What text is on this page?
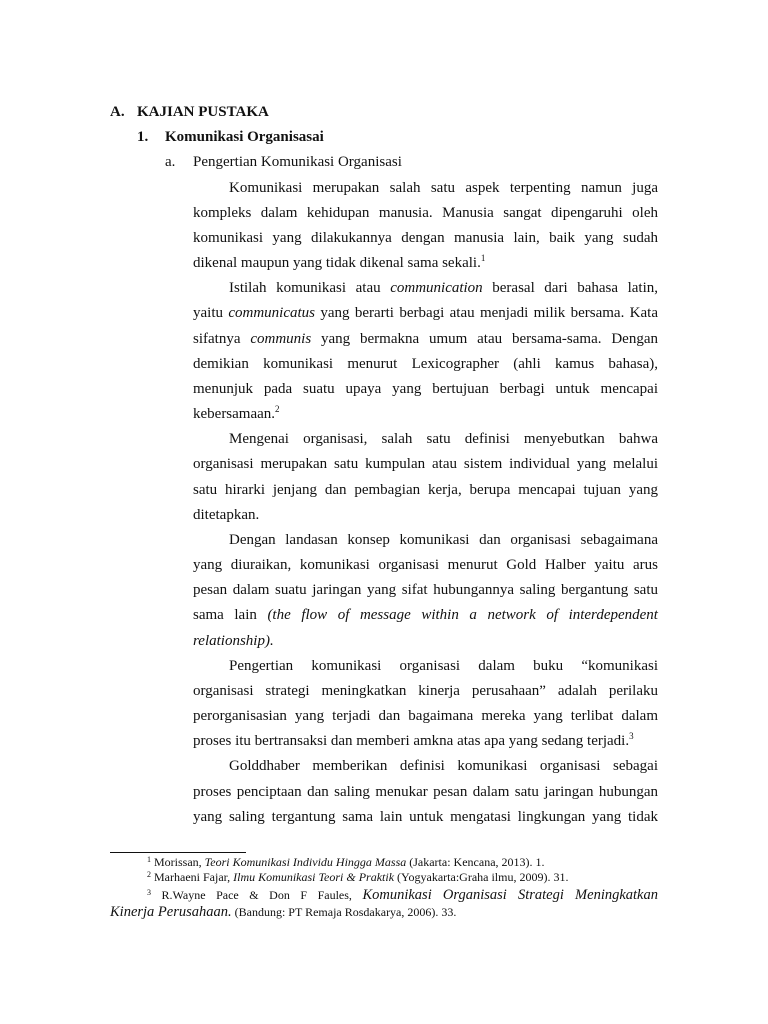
A. KAJIAN PUSTAKA
1.	Komunikasi Organisasai
a.	Pengertian Komunikasi Organisasi
Komunikasi merupakan salah satu aspek terpenting namun juga
kompleks dalam kehidupan manusia. Manusia sangat dipengaruhi oleh
komunikasi yang dilakukannya dengan manusia lain, baik yang sudah
dikenal maupun yang tidak dikenal sama sekali.$^1$
Istilah komunikasi atau communication berasal dari bahasa latin,
yaitu communicatus yang berarti berbagi atau menjadi milik bersama. Kata
sifatnya communis yang bermakna umum atau bersama-sama. Dengan
demikian komunikasi menurut Lexicographer (ahli kamus bahasa),
menunjuk pada suatu upaya yang bertujuan berbagi untuk mencapai
kebersamaan.$^2$
Mengenai organisasi, salah satu definisi menyebutkan bahwa
organisasi merupakan satu kumpulan atau sistem individual yang melalui
satu hirarki jenjang dan pembagian kerja, berupa mencapai tujuan yang
ditetapkan.
Dengan landasan konsep komunikasi dan organisasi sebagaimana
yang diuraikan, komunikasi organisasi menurut Gold Halber yaitu arus
pesan dalam suatu jaringan yang sifat hubungannya saling bergantung satu
sama lain (the flow of message within a network of interdependent
relationship).
Pengertian komunikasi organisasi dalam buku “komunikasi
organisasi strategi meningkatkan kinerja perusahaan” adalah perilaku
perorganisasian yang terjadi dan bagaimana mereka yang terlibat dalam
proses itu bertransaksi dan memberi amkna atas apa yang sedang terjadi.$^3$
Golddhaber memberikan definisi komunikasi organisasi sebagai
proses penciptaan dan saling menukar pesan dalam satu jaringan hubungan
yang saling tergantung sama lain untuk mengatasi lingkungan yang tidak
$^1$ Morissan, Teori Komunikasi Individu Hingga Massa (Jakarta: Kencana, 2013). 1.
$^2$ Marhaeni Fajar, Ilmu Komunikasi Teori & Praktik (Yogyakarta:Graha ilmu, 2009). 31.
$^3$ R.Wayne Pace & Don F Faules, Komunikasi Organisasi Strategi Meningkatkan
Kinerja Perusahaan. (Bandung: PT Remaja Rosdakarya, 2006). 33.
